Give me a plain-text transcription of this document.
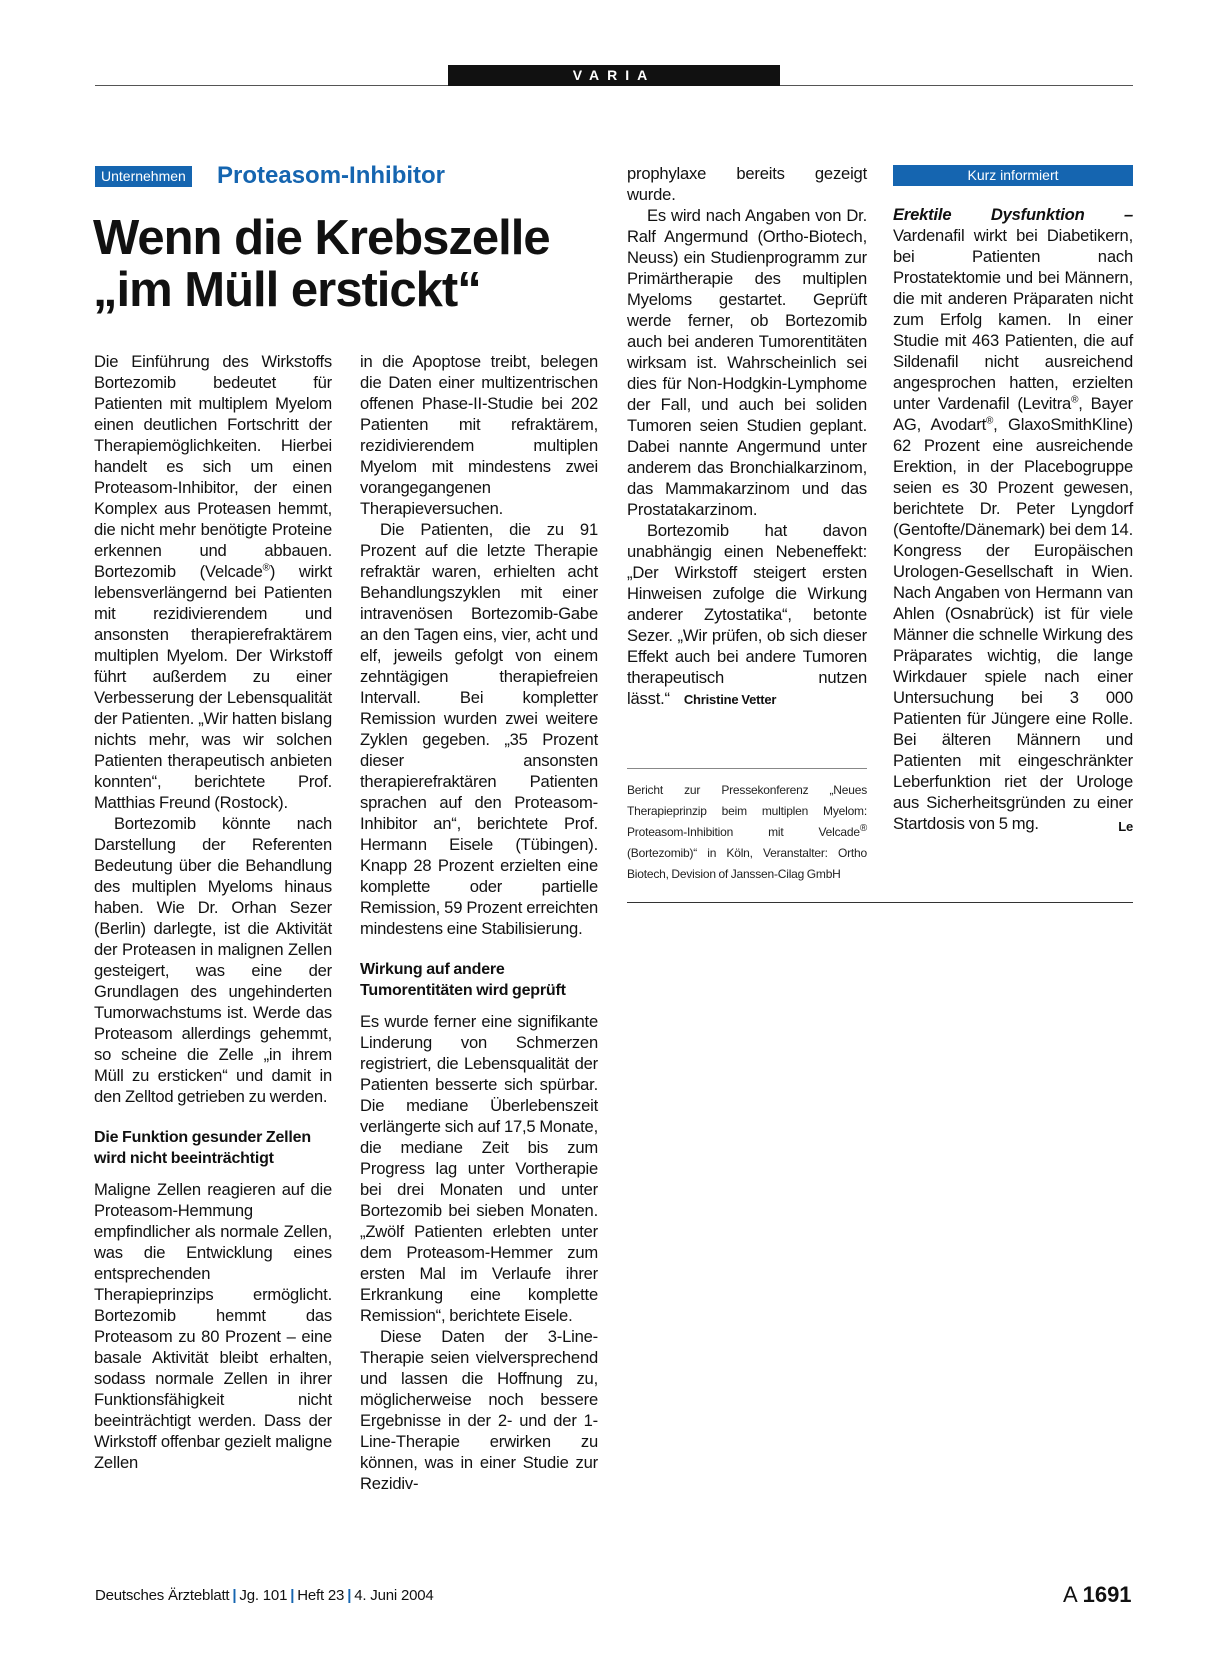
VARIA
Unternehmen Proteasom-Inhibitor
Wenn die Krebszelle
„im Müll erstickt“

Die Einführung des Wirkstoffs Bortezomib bedeutet für Patienten mit multiplem Myelom einen deutlichen Fortschritt der Therapiemöglichkeiten. Hierbei handelt es sich um einen Proteasom-Inhibitor, der einen Komplex aus Proteasen hemmt, die nicht mehr benötigte Proteine erkennen und abbauen. Bortezomib (Velcade®) wirkt lebensverlängernd bei Patienten mit rezidivierendem und ansonsten therapierefraktärem multiplen Myelom. Der Wirkstoff führt außerdem zu einer Verbesserung der Lebensqualität der Patienten. „Wir hatten bislang nichts mehr, was wir solchen Patienten therapeutisch anbieten konnten“, berichtete Prof. Matthias Freund (Rostock).

Bortezomib könnte nach Darstellung der Referenten Bedeutung über die Behandlung des multiplen Myeloms hinaus haben. Wie Dr. Orhan Sezer (Berlin) darlegte, ist die Aktivität der Proteasen in malignen Zellen gesteigert, was eine der Grundlagen des ungehinderten Tumorwachstums ist. Werde das Proteasom allerdings gehemmt, so scheine die Zelle „in ihrem Müll zu ersticken“ und damit in den Zelltod getrieben zu werden.

Die Funktion gesunder Zellen wird nicht beeinträchtigt

Maligne Zellen reagieren auf die Proteasom-Hemmung empfindlicher als normale Zellen, was die Entwicklung eines entsprechenden Therapieprinzips ermöglicht. Bortezomib hemmt das Proteasom zu 80 Prozent – eine basale Aktivität bleibt erhalten, sodass normale Zellen in ihrer Funktionsfähigkeit nicht beeinträchtigt werden. Dass der Wirkstoff offenbar gezielt maligne Zellen

in die Apoptose treibt, belegen die Daten einer multizentrischen offenen Phase-II-Studie bei 202 Patienten mit refraktärem, rezidivierendem multiplen Myelom mit mindestens zwei vorangegangenen Therapieversuchen.

Die Patienten, die zu 91 Prozent auf die letzte Therapie refraktär waren, erhielten acht Behandlungszyklen mit einer intravenösen Bortezomib-Gabe an den Tagen eins, vier, acht und elf, jeweils gefolgt von einem zehntägigen therapiefreien Intervall. Bei kompletter Remission wurden zwei weitere Zyklen gegeben. „35 Prozent dieser ansonsten therapierefraktären Patienten sprachen auf den Proteasom-Inhibitor an“, berichtete Prof. Hermann Eisele (Tübingen). Knapp 28 Prozent erzielten eine komplette oder partielle Remission, 59 Prozent erreichten mindestens eine Stabilisierung.

Wirkung auf andere Tumorentitäten wird geprüft

Es wurde ferner eine signifikante Linderung von Schmerzen registriert, die Lebensqualität der Patienten besserte sich spürbar. Die mediane Überlebenszeit verlängerte sich auf 17,5 Monate, die mediane Zeit bis zum Progress lag unter Vortherapie bei drei Monaten und unter Bortezomib bei sieben Monaten. „Zwölf Patienten erlebten unter dem Proteasom-Hemmer zum ersten Mal im Verlaufe ihrer Erkrankung eine komplette Remission“, berichtete Eisele.

Diese Daten der 3-Line-Therapie seien vielversprechend und lassen die Hoffnung zu, möglicherweise noch bessere Ergebnisse in der 2- und der 1-Line-Therapie erwirken zu können, was in einer Studie zur Rezidiv-

prophylaxe bereits gezeigt wurde.

Es wird nach Angaben von Dr. Ralf Angermund (Ortho-Biotech, Neuss) ein Studienprogramm zur Primärtherapie des multiplen Myeloms gestartet. Geprüft werde ferner, ob Bortezomib auch bei anderen Tumorentitäten wirksam ist. Wahrscheinlich sei dies für Non-Hodgkin-Lymphome der Fall, und auch bei soliden Tumoren seien Studien geplant. Dabei nannte Angermund unter anderem das Bronchialkarzinom, das Mammakarzinom und das Prostatakarzinom.

Bortezomib hat davon unabhängig einen Nebeneffekt: „Der Wirkstoff steigert ersten Hinweisen zufolge die Wirkung anderer Zytostatika“, betonte Sezer. „Wir prüfen, ob sich dieser Effekt auch bei andere Tumoren therapeutisch nutzen lässt.“ Christine Vetter

Bericht zur Pressekonferenz „Neues Therapieprinzip beim multiplen Myelom: Proteasom-Inhibition mit Velcade® (Bortezomib)“ in Köln, Veranstalter: Ortho Biotech, Devision of Janssen-Cilag GmbH
Kurz informiert

Erektile Dysfunktion – Vardenafil wirkt bei Diabetikern, bei Patienten nach Prostatektomie und bei Männern, die mit anderen Präparaten nicht zum Erfolg kamen. In einer Studie mit 463 Patienten, die auf Sildenafil nicht ausreichend angesprochen hatten, erzielten unter Vardenafil (Levitra®, Bayer AG, Avodart®, GlaxoSmithKline) 62 Prozent eine ausreichende Erektion, in der Placebogruppe seien es 30 Prozent gewesen, berichtete Dr. Peter Lyngdorf (Gentofte/Dänemark) bei dem 14. Kongress der Europäischen Urologen-Gesellschaft in Wien. Nach Angaben von Hermann van Ahlen (Osnabrück) ist für viele Männer die schnelle Wirkung des Präparates wichtig, die lange Wirkdauer spiele nach einer Untersuchung bei 3 000 Patienten für Jüngere eine Rolle. Bei älteren Männern und Patienten mit eingeschränkter Leberfunktion riet der Urologe aus Sicherheitsgründen zu einer Startdosis von 5 mg.	Le

Deutsches Ärzteblatt | Jg. 101 | Heft 23 | 4. Juni 2004	A 1691
